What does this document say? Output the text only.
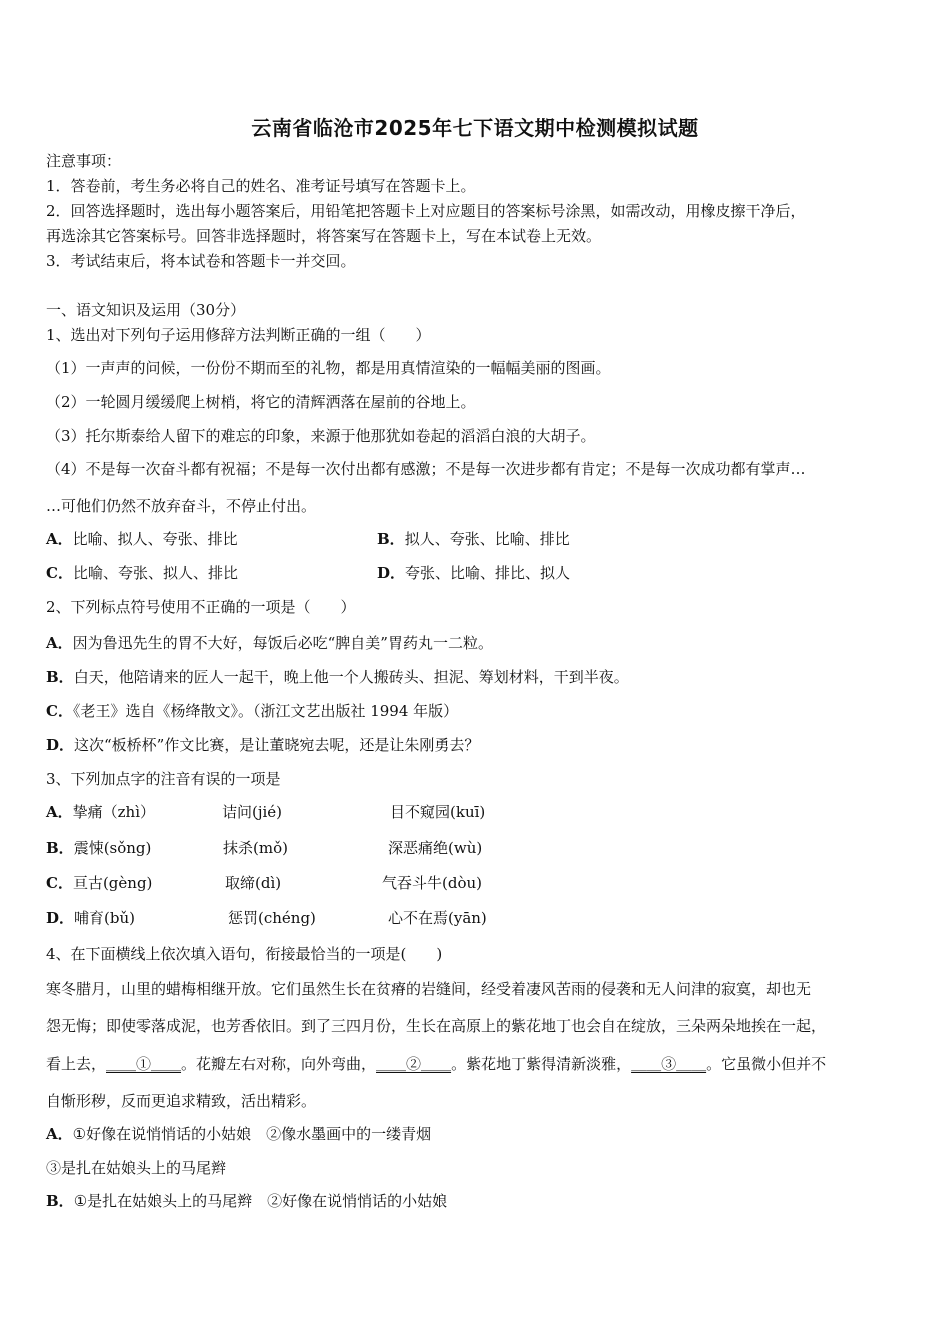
云南省临沧市2025年七下语文期中检测模拟试题
注意事项：
1．答卷前，考生务必将自己的姓名、准考证号填写在答题卡上。
2．回答选择题时，选出每小题答案后，用铅笔把答题卡上对应题目的答案标号涂黑，如需改动，用橡皮擦干净后，
再选涂其它答案标号。回答非选择题时，将答案写在答题卡上，写在本试卷上无效。
3．考试结束后，将本试卷和答题卡一并交回。
一、语文知识及运用（30分）
1、选出对下列句子运用修辞方法判断正确的一组（　　）
（1）一声声的问候，一份份不期而至的礼物，都是用真情渲染的一幅幅美丽的图画。
（2）一轮圆月缓缓爬上树梢，将它的清辉洒落在屋前的谷地上。
（3）托尔斯泰给人留下的难忘的印象，来源于他那犹如卷起的滔滔白浪的大胡子。
（4）不是每一次奋斗都有祝福；不是每一次付出都有感激；不是每一次进步都有肯定；不是每一次成功都有掌声…
…可他们仍然不放弃奋斗，不停止付出。
A．比喻、拟人、夸张、排比	B．拟人、夸张、比喻、排比
C．比喻、夸张、拟人、排比	D．夸张、比喻、排比、拟人
2、下列标点符号使用不正确的一项是（　　）
A．因为鲁迅先生的胃不大好，每饭后必吃“脾自美”胃药丸一二粒。
B．白天，他陪请来的匠人一起干，晚上他一个人搬砖头、担泥、筹划材料，干到半夜。
C．《老王》选自《杨绛散文》。（浙江文艺出版社 1994 年版）
D．这次“板桥杯”作文比赛，是让董晓宛去呢，还是让朱刚勇去？
3、下列加点字的注音有误的一项是
A．挚痛（zhì）	诘问(jié)	目不窥园(kuī)
B．震悚(sǒng)	抹杀(mǒ)	深恶痛绝(wù)
C．亘古(gèng)	取缔(dì)	气吞斗牛(dòu)
D．哺育(bǔ)	惩罚(chéng)	心不在焉(yān)
4、在下面横线上依次填入语句，衔接最恰当的一项是(　　)
寒冬腊月，山里的蜡梅相继开放。它们虽然生长在贫瘠的岩缝间，经受着凄风苦雨的侵袭和无人问津的寂寞，却也无
怨无悔；即使零落成泥，也芳香依旧。到了三四月份，生长在高原上的紫花地丁也会自在绽放，三朵两朵地挨在一起，
看上去，＿＿①＿＿。花瓣左右对称，向外弯曲，＿＿②＿＿。紫花地丁紫得清新淡雅，＿＿③＿＿。它虽微小但并不
自惭形秽，反而更追求精致，活出精彩。
A．①好像在说悄悄话的小姑娘　②像水墨画中的一缕青烟
③是扎在姑娘头上的马尾辫
B．①是扎在姑娘头上的马尾辫　②好像在说悄悄话的小姑娘
